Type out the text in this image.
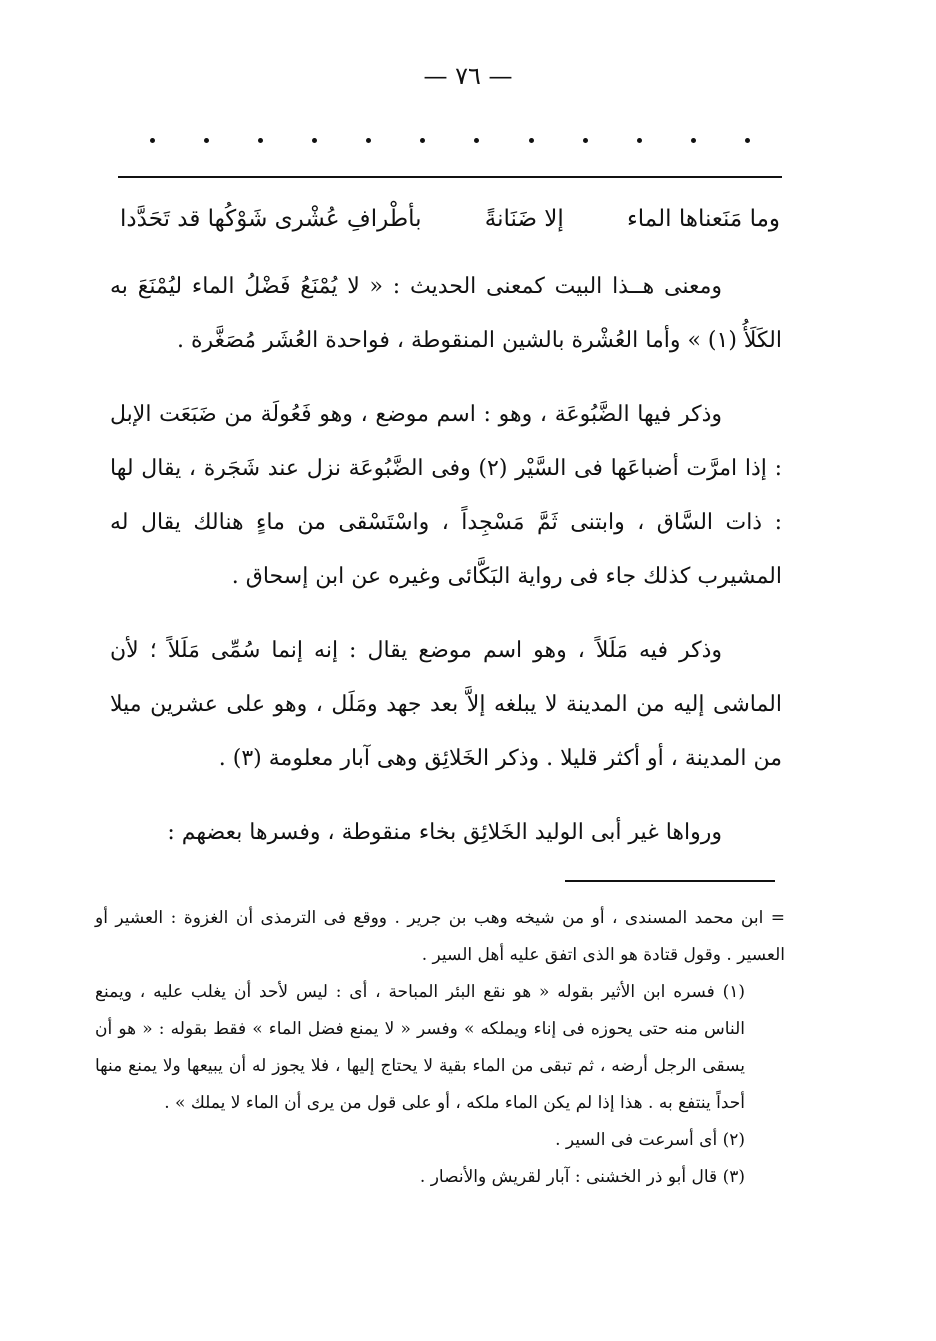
— ٧٦ —
وما مَنَعناها الماء
إلا ضَنَانةً
بأطْرافِ عُشْرى شَوْكُها قد تَحَدَّدا

ومعنى هــذا البيت كمعنى الحديث : « لا يُمْنَعُ فَضْلُ الماء ليُمْنَعَ به الكَلَأُ (١) » وأما العُشْرة بالشين المنقوطة ، فواحدة العُشَر مُصَغَّرة .

وذكر فيها الضَّبُوعَة ، وهو : اسم موضع ، وهو فَعُولَة من ضَبَعَت الإبل : إذا امرَّت أضباعَها فى السَّيْر (٢) وفى الضَّبُوعَة نزل عند شَجَرة ، يقال لها : ذات السَّاق ، وابتنى ثَمَّ مَسْجِداً ، واسْتَسْقى من ماءٍ هنالك يقال له المشيرب كذلك جاء فى رواية البَكَّائى وغيره عن ابن إسحاق .

وذكر فيه مَلَلاً ، وهو اسم موضع يقال : إنه إنما سُمِّى مَلَلاً ؛ لأن الماشى إليه من المدينة لا يبلغه إلاَّ بعد جهد ومَلَل ، وهو على عشرين ميلا من المدينة ، أو أكثر قليلا . وذكر الخَلائِق وهى آبار معلومة (٣) .

ورواها غير أبى الوليد الخَلائِق بخاء منقوطة ، وفسرها بعضهم :

= ابن محمد المسندى ، أو من شيخه وهب بن جرير . ووقع فى الترمذى أن الغزوة : العشير أو العسير . وقول قتادة هو الذى اتفق عليه أهل السير .

(١) فسره ابن الأثير بقوله « هو نقع البئر المباحة ، أى : ليس لأحد أن يغلب عليه ، ويمنع الناس منه حتى يحوزه فى إناء ويملكه » وفسر « لا يمنع فضل الماء » فقط بقوله : « هو أن يسقى الرجل أرضه ، ثم تبقى من الماء بقية لا يحتاج إليها ، فلا يجوز له أن يبيعها ولا يمنع منها أحداً ينتفع به . هذا إذا لم يكن الماء ملكه ، أو على قول من يرى أن الماء لا يملك » .

(٢) أى أسرعت فى السير .

(٣) قال أبو ذر الخشنى : آبار لقريش والأنصار .
